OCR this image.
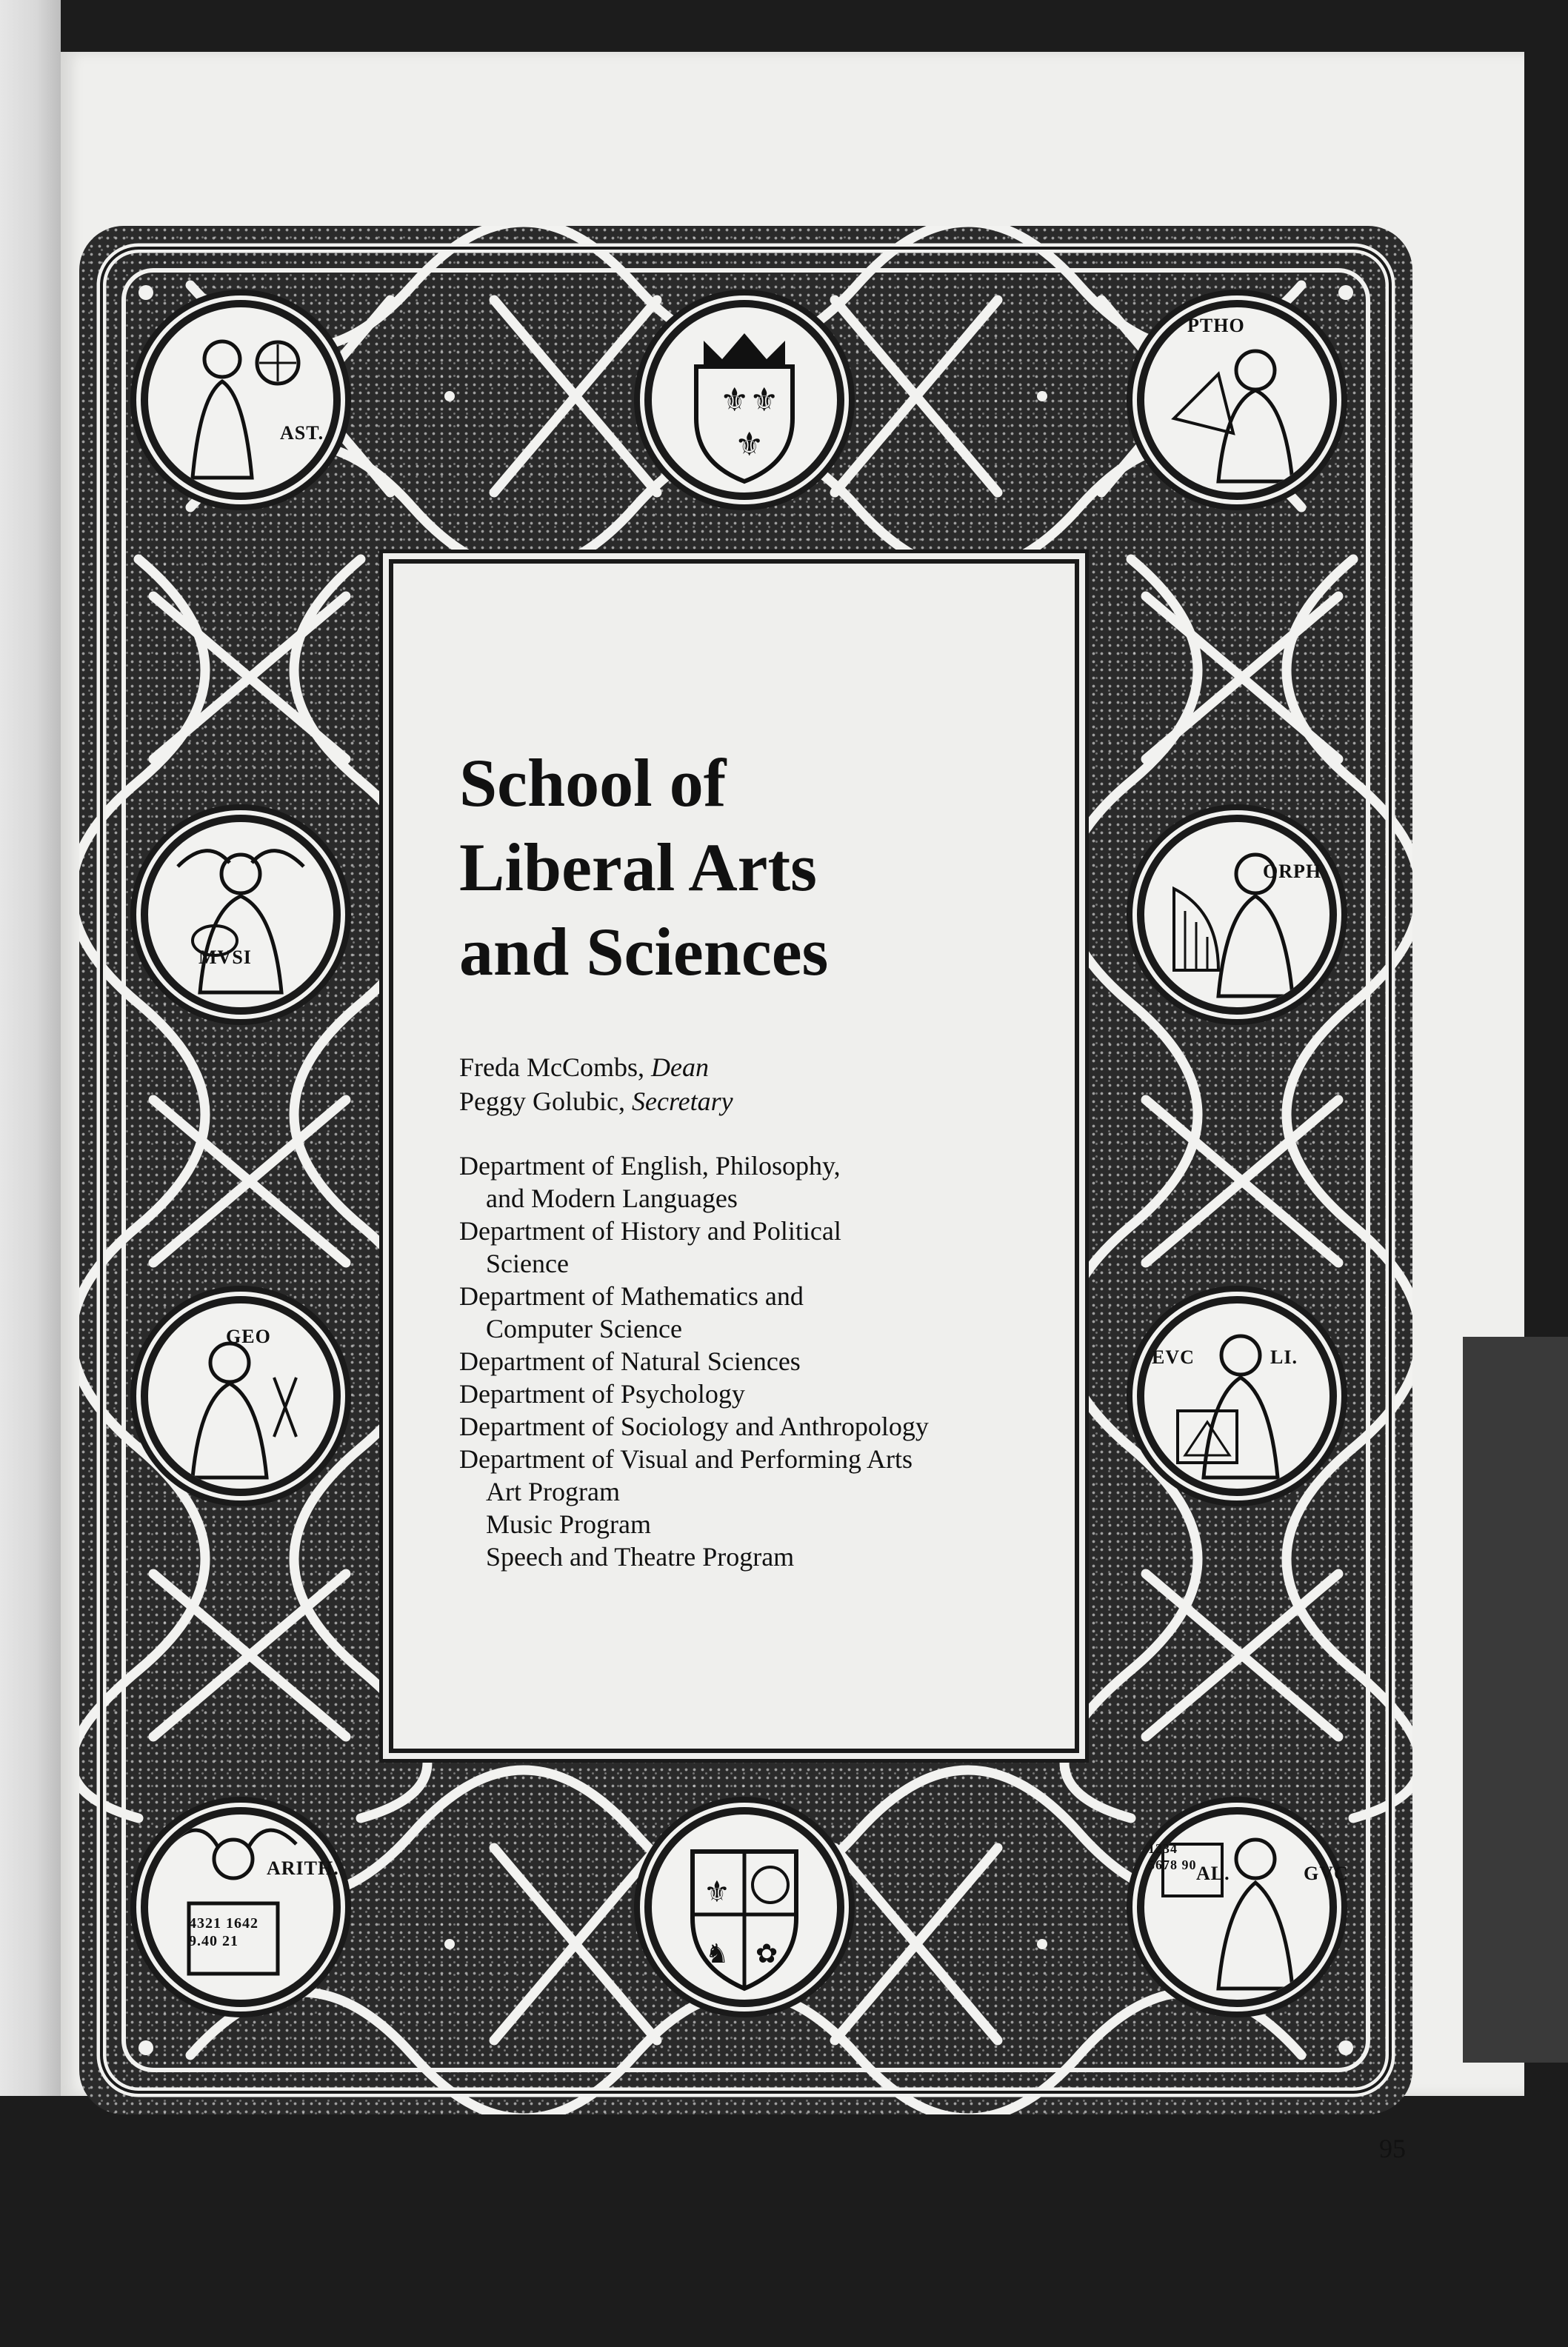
AST.
⚜ ⚜
⚜
PTHO
MVSI
ORPH
GEO
EVC	LI.
ARITH.
4321 1642 9.40 21
⚜
♞ ✿
1234 5678 90 AL.	GVC
School of
Liberal Arts
and Sciences
Freda McCombs, Dean
Peggy Golubic, Secretary
Department of English, Philosophy,
and Modern Languages
Department of History and Political
Science
Department of Mathematics and
Computer Science
Department of Natural Sciences
Department of Psychology
Department of Sociology and Anthropology
Department of Visual and Performing Arts
Art Program
Music Program
Speech and Theatre Program
95
